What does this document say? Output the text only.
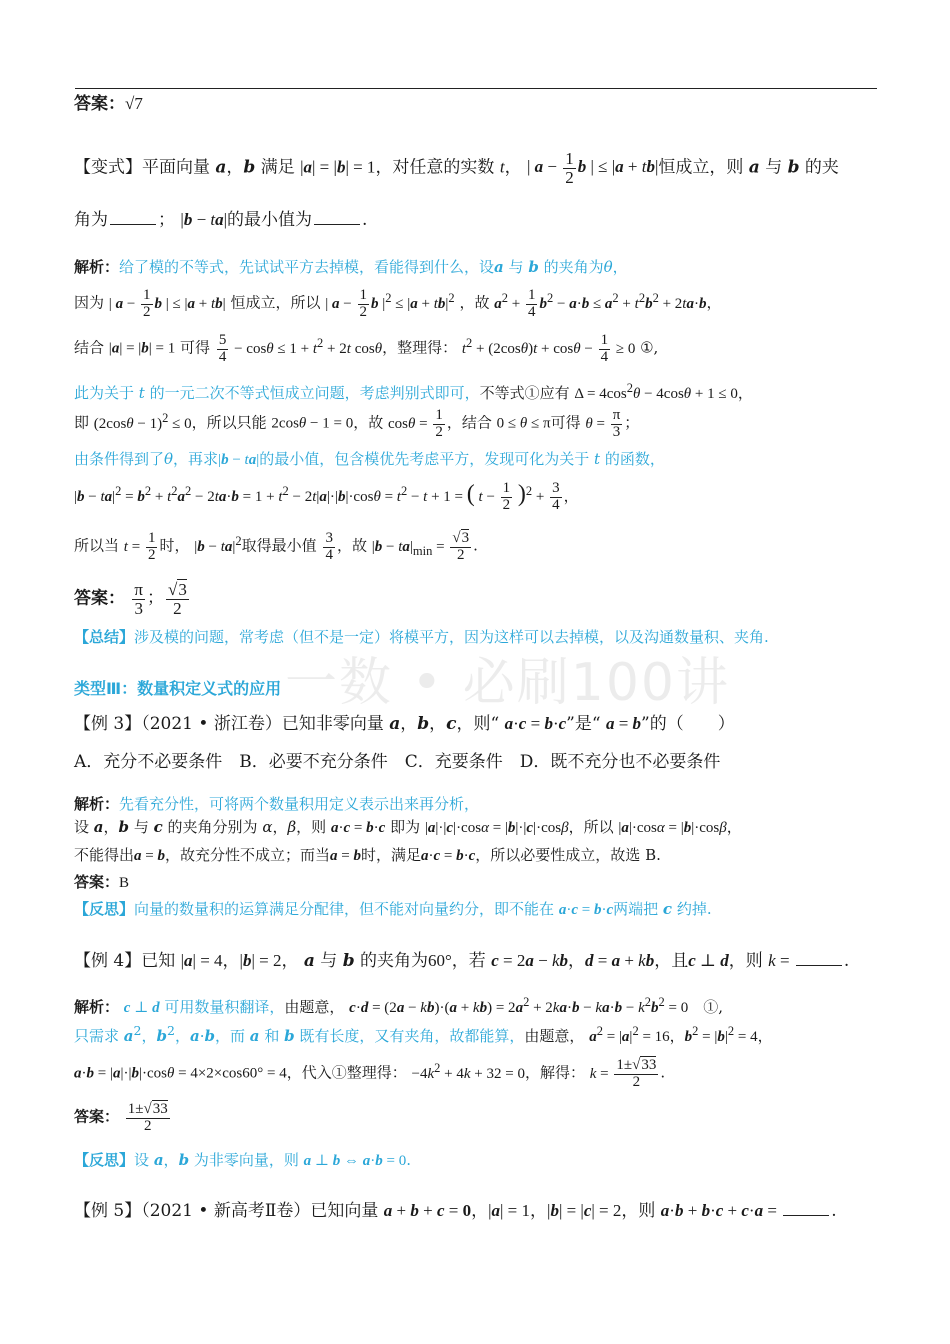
一数 • 必刷100讲
答案：√7
【变式】平面向量 a，b 满足 |a| = |b| = 1，对任意的实数 t， | $a - \frac{1}{2}$ b | ≤ |a + tb|恒成立，则 a 与 b 的夹
角为	； |b − ta|的最小值为	.
解析：给了模的不等式，先试试平方去掉模，看能得到什么，设a 与 b 的夹角为θ，
因为 | $a - \frac{1}{2}$ b | ≤ |a + tb| 恒成立，所以 | $a - \frac{1}{2}$ b $|^2 \le |a + tb|^2$ ，故 $a^2 + \frac{1}{4} b^2 - a\cdot b \le a^2 + t^2b^2 + 2ta\cdot b$，
结合 |a| = |b| = 1 可得 $\frac{5}{4} - \cos\theta \le 1 + t^2 + 2t$ cosθ，整理得： $t^2 + (2\cos\theta)t + \cos\theta - \frac{1}{4} \ge 0$ ①,
此为关于 t 的一元二次不等式恒成立问题，考虑判别式即可，不等式①应有 $\Delta = 4\cos^2\theta - 4\cos\theta + 1 \le 0$，
即 $(2\cos\theta - 1)^2 \le 0$，所以只能 2cosθ − 1 = 0，故 $\cos\theta = \frac{1}{2}$ ，结合 0 ≤ θ ≤ π可得 $\theta = \frac{\pi}{3}$ ；
由条件得到了θ，再求|b − ta|的最小值，包含模优先考虑平方，发现可化为关于 t 的函数，
$|b - ta|^2 = b^2 + t^2a^2 - 2ta\cdot b = 1 + t^2 - 2t|a|\cdot|b|\cdot\cos\theta = t^2 - t + 1$ = ( $t - \frac{1}{2} )^2 + \frac{3}{4}$ ，
所以当 $t = \frac{1}{2}$ 时， $|b - ta|^2$取得最小值 $\frac{3}{4}$ ，故 $|b - ta|_{min} = \frac{√3}{2}$ .
答案： $\frac{\pi}{3}$ ； $\frac{√3}{2}$
【总结】涉及模的问题，常考虑（但不是一定）将模平方，因为这样可以去掉模，以及沟通数量积、夹角.
类型Ⅲ：数量积定义式的应用
【例 3】（2021 • 浙江卷）已知非零向量 a，b，c，则“ a·c = b·c”是“ a = b”的（　　）
A．充分不必要条件　B．必要不充分条件　C．充要条件　D．既不充分也不必要条件
解析：先看充分性，可将两个数量积用定义表示出来再分析，
设 a，b 与 c 的夹角分别为 α，β，则 a·c = b·c 即为 |a|·|c|·cosα = |b|·|c|·cosβ，所以 |a|·cosα = |b|·cosβ，
不能得出a = b，故充分性不成立；而当a = b时，满足a·c = b·c，所以必要性成立，故选 B.
答案：B
【反思】向量的数量积的运算满足分配律，但不能对向量约分，即不能在 a·c = b·c两端把 c 约掉.
【例 4】已知 |a| = 4，|b| = 2， a 与 b 的夹角为60°，若 c = 2a − kb，d = a + kb，且c ⊥ d，则 k =	.
解析： c ⊥ d 可用数量积翻译，由题意， $c\cdot d = (2a - kb)\cdot(a + kb) = 2a^2 + 2ka\cdot b - ka\cdot b - k^2b^2 = 0$　①,
只需求 $a^2$，$b^2$，a·b，而 a 和 b 既有长度，又有夹角，故都能算，由题意， $a^2 = |a|^2 = 16$，$b^2 = |b|^2 = 4$，
a·b = |a|·|b|·cosθ = 4×2×cos60° = 4，代入①整理得： $-4k^2 + 4k + 32 = 0$，解得： $k = \frac{1\pm√33}{2}$ .
答案： $\frac{1\pm√33}{2}$
【反思】设 a，b 为非零向量，则 a ⊥ b ⇔ a·b = 0.
【例 5】（2021 • 新高考Ⅱ卷）已知向量 a + b + c = 0，|a| = 1，|b| = |c| = 2，则 a·b + b·c + c·a =	.
